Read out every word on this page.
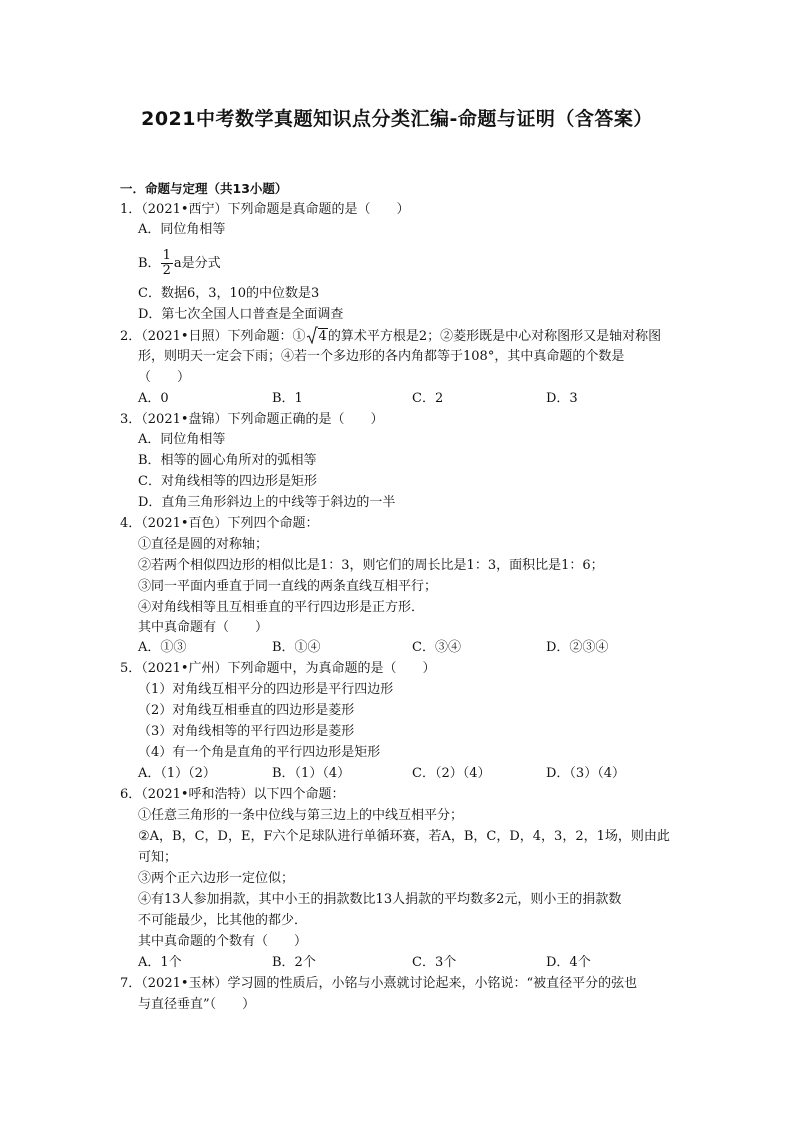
2021中考数学真题知识点分类汇编-命题与证明（含答案）
一．命题与定理（共13小题）
1．（2021•西宁）下列命题是真命题的是（　　）
A．同位角相等
B． $\frac{1}{2}$ a是分式
C．数据6，3，10的中位数是3
D．第七次全国人口普查是全面调查
2．（2021•日照）下列命题：① 4的算术平方根是2；②菱形既是中心对称图形又是轴对称图
形，则明天一定会下雨；④若一个多边形的各内角都等于108°，其中真命题的个数是
（　　）
A．0	B．1	C．2	D．3
3．（2021•盘锦）下列命题正确的是（　　）
A．同位角相等
B．相等的圆心角所对的弧相等
C．对角线相等的四边形是矩形
D．直角三角形斜边上的中线等于斜边的一半
4．（2021•百色）下列四个命题：
①直径是圆的对称轴；
②若两个相似四边形的相似比是1：3，则它们的周长比是1：3，面积比是1：6；
③同一平面内垂直于同一直线的两条直线互相平行；
④对角线相等且互相垂直的平行四边形是正方形．
其中真命题有（　　）
A．①③	B．①④	C．③④	D．②③④
5．（2021•广州）下列命题中，为真命题的是（　　）
（1）对角线互相平分的四边形是平行四边形
（2）对角线互相垂直的四边形是菱形
（3）对角线相等的平行四边形是菱形
（4）有一个角是直角的平行四边形是矩形
A．（1）（2）	B．（1）（4）	C．（2）（4）	D．（3）（4）
6．（2021•呼和浩特）以下四个命题：
①任意三角形的一条中位线与第三边上的中线互相平分；
②A，B，C，D，E，F六个足球队进行单循环赛，若A，B，C，D，4，3，2，1场，则由此
可知；
③两个正六边形一定位似；
④有13人参加捐款，其中小王的捐款数比13人捐款的平均数多2元，则小王的捐款数
不可能最少，比其他的都少．
其中真命题的个数有（　　）
A．1个	B．2个	C．3个	D．4个
7．（2021•玉林）学习圆的性质后，小铭与小熹就讨论起来，小铭说：“被直径平分的弦也
与直径垂直”（　　）
